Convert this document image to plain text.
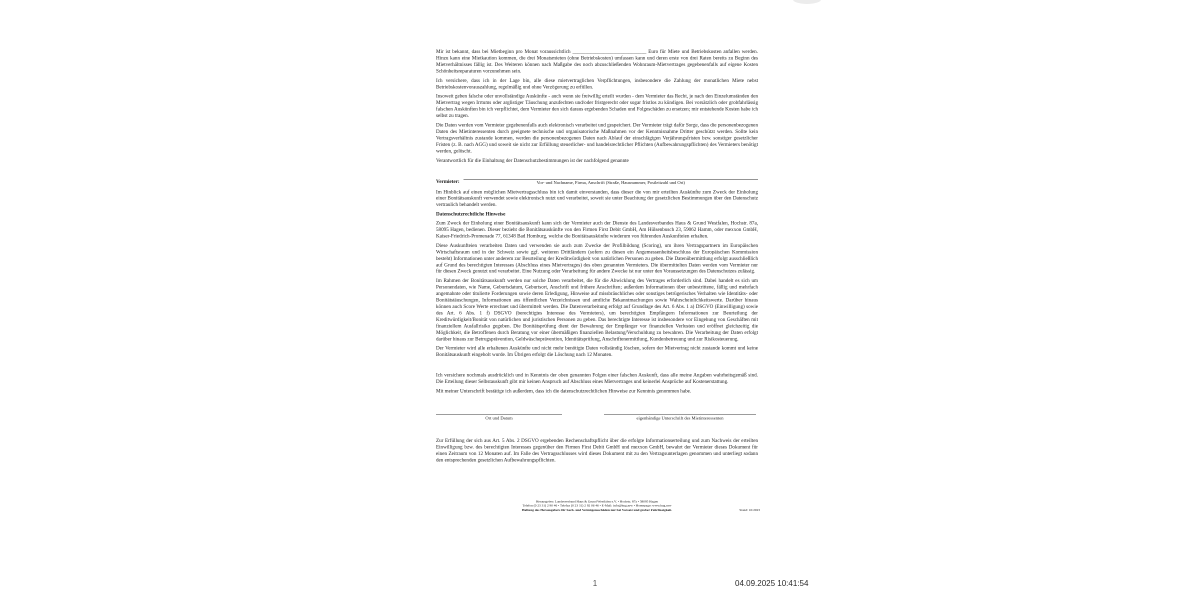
Mir ist bekannt, dass bei Mietbeginn pro Monat voraussichtlich _____________________________ Euro für Miete und Betriebskosten anfallen werden. Hinzu kann eine Mietkaution kommen, die drei Monatsmieten (ohne Betriebskosten) umfassen kann und deren erste von drei Raten bereits zu Beginn des Mietverhältnisses fällig ist. Des Weiteren können nach Maßgabe des noch abzuschließenden Wohnraum-Mietvertrages gegebenenfalls auf eigene Kosten Schönheitsreparaturen vorzunehmen sein.

Ich versichere, dass ich in der Lage bin, alle diese mietvertraglichen Verpflichtungen, insbesondere die Zahlung der monatlichen Miete nebst Betriebskostenvorauszahlung, regelmäßig und ohne Verzögerung zu erfüllen.

Insoweit geben falsche oder unvollständige Auskünfte - auch wenn sie freiwillig erteilt wurden - dem Vermieter das Recht, je nach den Einzelumständen den Mietvertrag wegen Irrtums oder arglistiger Täuschung anzufechten und/oder fristgerecht oder sogar fristlos zu kündigen. Bei vorsätzlich oder grobfahrlässig falschen Auskünften bin ich verpflichtet, dem Vermieter den sich daraus ergebenden Schaden und Folgeschäden zu ersetzen; mir entstehende Kosten habe ich selbst zu tragen.

Die Daten werden vom Vermieter gegebenenfalls auch elektronisch verarbeitet und gespeichert. Der Vermieter trägt dafür Sorge, dass die personenbezogenen Daten des Mietinteressenten durch geeignete technische und organisatorische Maßnahmen vor der Kenntnisnahme Dritter geschützt werden. Sollte kein Vertragsverhältnis zustande kommen, werden die personenbezogenen Daten nach Ablauf der einschlägigen Verjährungsfristen bzw. sonstiger gesetzlicher Fristen (z. B. nach AGG) und soweit sie nicht zur Erfüllung steuerlicher- und handelsrechtlicher Pflichten (Aufbewahrungspflichten) des Vermieters benötigt werden, gelöscht.

Verantwortlich für die Einhaltung der Datenschutzbestimmungen ist der nachfolgend genannte

Vermieter:	Vor- und Nachname, Firma, Anschrift (Straße, Hausnummer, Postleitzahl und Ort)

Im Hinblick auf einen möglichen Mietvertragsschluss bin ich damit einverstanden, dass dieser die von mir erteilten Auskünfte zum Zweck der Einholung einer Bonitätsauskunft verwendet sowie elektronisch nutzt und verarbeitet, soweit sie unter Beachtung der gesetzlichen Bestimmungen über den Datenschutz vertraulich behandelt werden.

Datenschutzrechtliche Hinweise

Zum Zweck der Einholung einer Bonitätsauskunft kann sich der Vermieter auch der Dienste des Landesverbandes Haus & Grund Westfalen, Hochstr. 87a, 58095 Hagen, bedienen. Dieser bezieht die Bonitätsauskünfte von den Firmen First Debit GmbH, Am Hülsenbusch 23, 59062 Hamm, oder mexxon GmbH, Kaiser-Friedrich-Promenade 77, 61348 Bad Homburg, welche die Bonitätsauskünfte wiederum von führenden Auskunfteien erhalten.

Diese Auskunfteien verarbeiten Daten und verwenden sie auch zum Zwecke der Profilbildung (Scoring), um ihren Vertragspartnern im Europäischen Wirtschaftsraum und in der Schweiz sowie ggf. weiteren Drittländern (sofern zu diesen ein Angemessenheitsbeschluss der Europäischen Kommission besteht) Informationen unter anderem zur Beurteilung der Kreditwürdigkeit von natürlichen Personen zu geben. Die Datenübermittlung erfolgt ausschließlich auf Grund des berechtigten Interesses (Abschluss eines Mietvertrages) des oben genannten Vermieters. Die übermittelten Daten werden vom Vermieter nur für diesen Zweck genutzt und verarbeitet. Eine Nutzung oder Verarbeitung für andere Zwecke ist nur unter den Voraussetzungen des Datenschutzes zulässig.

Im Rahmen der Bonitätsauskunft werden nur solche Daten verarbeitet, die für die Abwicklung des Vertrages erforderlich sind. Dabei handelt es sich um Personendaten, wie Name, Geburtsdatum, Geburtsort, Anschrift und frühere Anschriften; außerdem Informationen über unbestrittene, fällig und mehrfach angemahnte oder titulierte Forderungen sowie deren Erledigung, Hinweise auf missbräuchliches oder sonstiges betrügerisches Verhalten wie Identitäts- oder Bonitätstäuschungen, Informationen aus öffentlichen Verzeichnissen und amtliche Bekanntmachungen sowie Wahrscheinlichkeitswerte. Darüber hinaus können auch Score Werte errechnet und übermittelt werden. Die Datenverarbeitung erfolgt auf Grundlage des Art. 6 Abs. 1 a) DSGVO (Einwilligung) sowie des Art. 6 Abs. 1 f) DSGVO (berechtigtes Interesse des Vermieters), um berechtigten Empfängern Informationen zur Beurteilung der Kreditwürdigkeit/Bonität von natürlichen und juristischen Personen zu geben. Das berechtigte Interesse ist insbesondere vor Eingehung von Geschäften mit finanziellem Ausfallrisiko gegeben. Die Bonitätsprüfung dient der Bewahrung der Empfänger vor finanziellen Verlusten und eröffnet gleichzeitig die Möglichkeit, die Betroffenen durch Beratung vor einer übermäßigen finanziellen Belastung/Verschuldung zu bewahren. Die Verarbeitung der Daten erfolgt darüber hinaus zur Betrugsprävention, Geldwäscheprävention, Identitätsprüfung, Anschriftenermittlung, Kundenbetreuung und zur Risikosteuerung.

Der Vermieter wird alle erhaltenen Auskünfte und nicht mehr benötigte Daten vollständig löschen, sofern der Mietvertrag nicht zustande kommt und keine Bonitätsauskunft eingeholt wurde. Im Übrigen erfolgt die Löschung nach 12 Monaten.

Ich versichere nochmals ausdrücklich und in Kenntnis der oben genannten Folgen einer falschen Auskunft, dass alle meine Angaben wahrheitsgemäß sind. Die Erteilung dieser Selbstauskunft gibt mir keinen Anspruch auf Abschluss eines Mietvertrages und keinerlei Ansprüche auf Kostenerstattung.

Mit meiner Unterschrift bestätige ich außerdem, dass ich die datenschutzrechtlichen Hinweise zur Kenntnis genommen habe.

Ort und Datum	eigenhändige Unterschrift des Mietinteressenten

Zur Erfüllung der sich aus Art. 5 Abs. 2 DSGVO ergebenden Rechenschaftspflicht über die erfolgte Informationserteilung und zum Nachweis der erteilten Einwilligung bzw. des berechtigten Interesses gegenüber den Firmen First Debit GmbH und mexxon GmbH, bewahrt der Vermieter dieses Dokument für einen Zeitraum von 12 Monaten auf. Im Falle des Vertragsschlusses wird dieses Dokument mit zu den Vertragsunterlagen genommen und unterliegt sodann den entsprechenden gesetzlichen Aufbewahrungspflichten.

Herausgeber: Landesverband Haus & Grund Westfalen e.V. • Hochstr. 87a • 58095 Hagen
Telefon (0 23 31) 2 90 46 • Telefax (0 23 31) 2 92 06 46 • E-Mail: info@hug.nrw • Homepage: www.hug.nrw
Haftung des Herausgebers für Sach- und Vermögensschäden nur bei Vorsatz und grober Fahrlässigkeit.	Stand: 10/2023
1	04.09.2025 10:41:54
